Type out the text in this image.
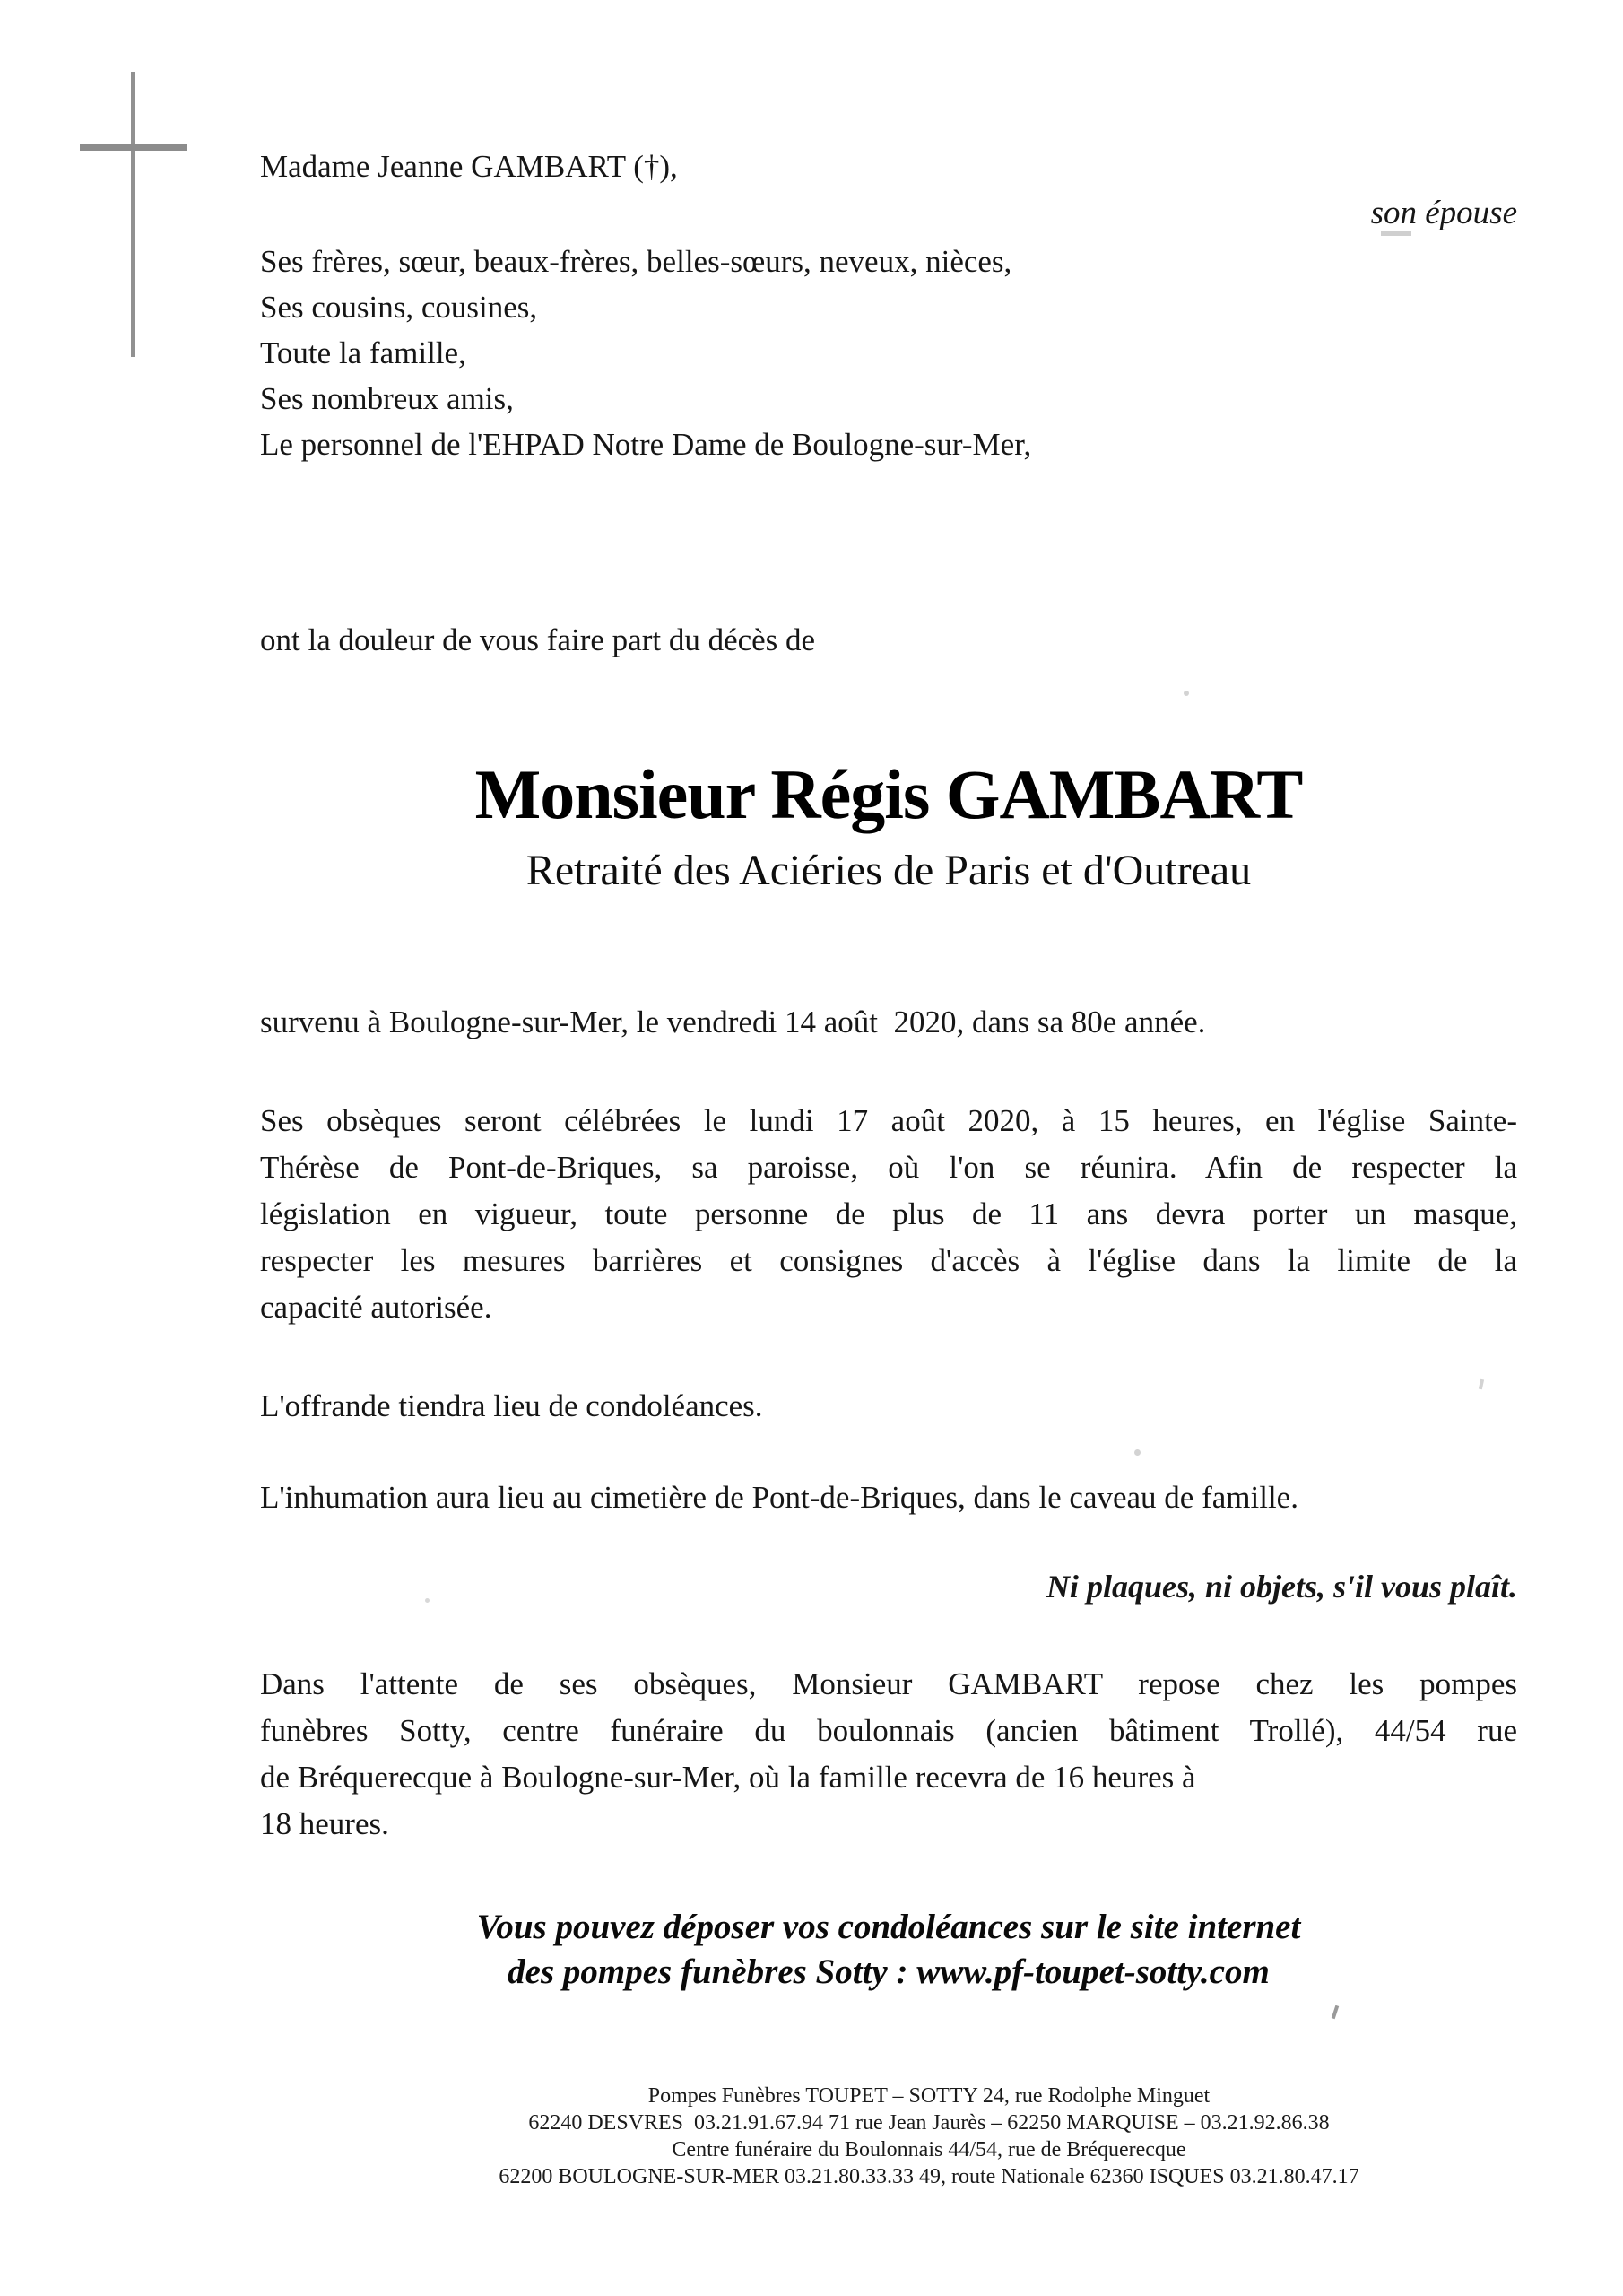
Madame Jeanne GAMBART (†),
son épouse
Ses frères, sœur, beaux-frères, belles-sœurs, neveux, nièces,
Ses cousins, cousines,
Toute la famille,
Ses nombreux amis,
Le personnel de l'EHPAD Notre Dame de Boulogne-sur-Mer,
ont la douleur de vous faire part du décès de
Monsieur Régis GAMBART
Retraité des Aciéries de Paris et d'Outreau
survenu à Boulogne-sur-Mer, le vendredi 14 août  2020, dans sa 80e année.
Ses obsèques seront célébrées le lundi 17 août 2020, à 15 heures, en l'église Sainte-
Thérèse de Pont-de-Briques, sa paroisse, où l'on se réunira. Afin de respecter la
législation en vigueur, toute personne de plus de 11 ans devra porter un masque,
respecter les mesures barrières et consignes d'accès à l'église dans la limite de la
capacité autorisée.
L'offrande tiendra lieu de condoléances.
L'inhumation aura lieu au cimetière de Pont-de-Briques, dans le caveau de famille.
Ni plaques, ni objets, s'il vous plaît.
Dans l'attente de ses obsèques, Monsieur GAMBART repose chez les pompes
funèbres Sotty, centre funéraire du boulonnais (ancien bâtiment Trollé), 44/54 rue
de Bréquerecque à Boulogne-sur-Mer, où la famille recevra de 16 heures à
18 heures.
Vous pouvez déposer vos condoléances sur le site internet
des pompes funèbres Sotty : www.pf-toupet-sotty.com
Pompes Funèbres TOUPET – SOTTY 24, rue Rodolphe Minguet
62240 DESVRES  03.21.91.67.94 71 rue Jean Jaurès – 62250 MARQUISE – 03.21.92.86.38
Centre funéraire du Boulonnais 44/54, rue de Bréquerecque
62200 BOULOGNE-SUR-MER 03.21.80.33.33 49, route Nationale 62360 ISQUES 03.21.80.47.17
